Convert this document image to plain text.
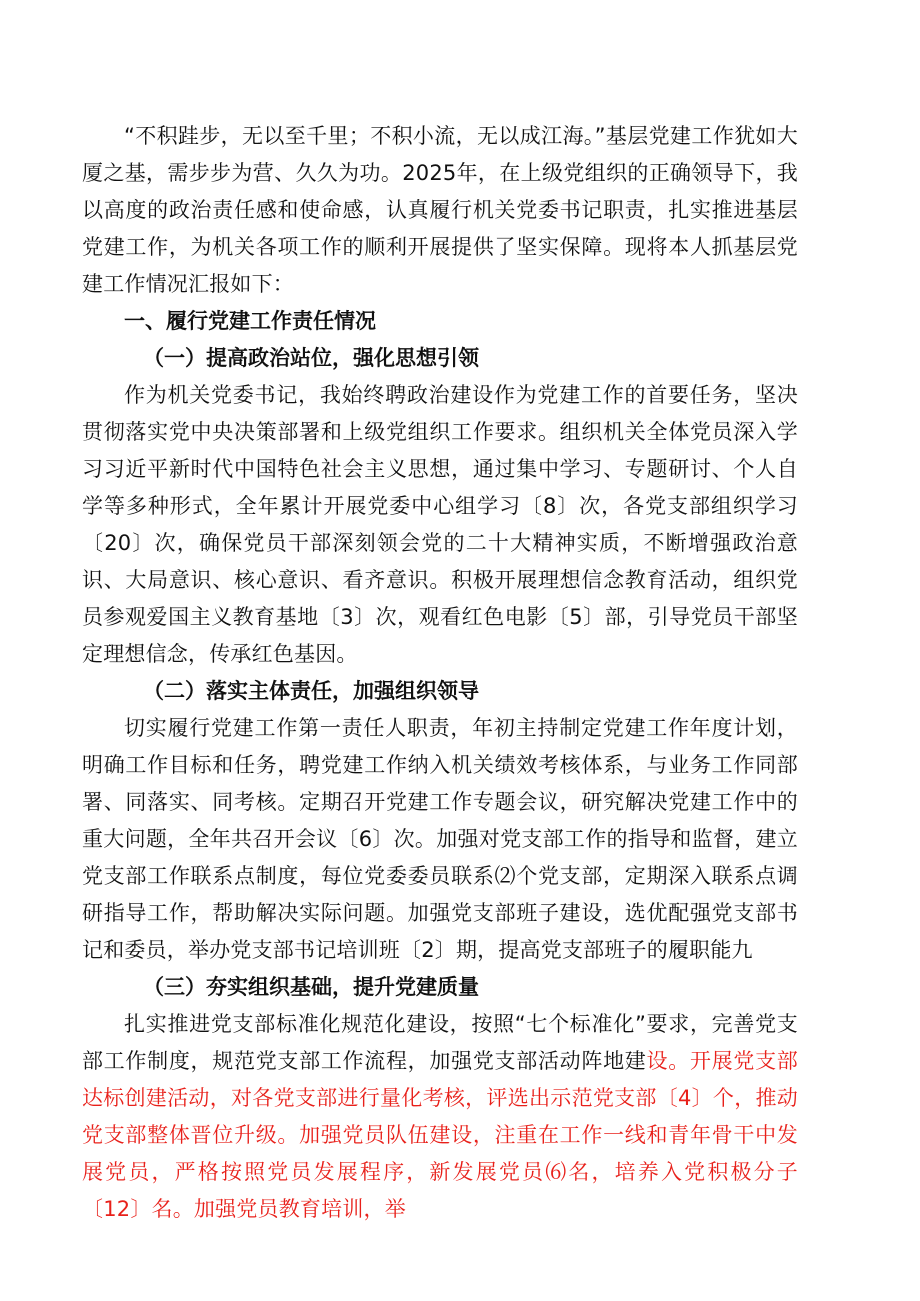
“不积跬步，无以至千里；不积小流，无以成江海。”基层党建工作犹如大厦之基，需步步为营、久久为功。2025年，在上级党组织的正确领导下，我以高度的政治责任感和使命感，认真履行机关党委书记职责，扎实推进基层党建工作，为机关各项工作的顺利开展提供了坚实保障。现将本人抓基层党建工作情况汇报如下：

一、履行党建工作责任情况

（一）提高政治站位，强化思想引领

作为机关党委书记，我始终聘政治建设作为党建工作的首要任务，坚决贯彻落实党中央决策部署和上级党组织工作要求。组织机关全体党员深入学习习近平新时代中国特色社会主义思想，通过集中学习、专题研讨、个人自学等多种形式，全年累计开展党委中心组学习〔8〕次，各党支部组织学习〔20〕次，确保党员干部深刻领会党的二十大精神实质，不断增强政治意识、大局意识、核心意识、看齐意识。积极开展理想信念教育活动，组织党员参观爱国主义教育基地〔3〕次，观看红色电影〔5〕部，引导党员干部坚定理想信念，传承红色基因。

（二）落实主体责任，加强组织领导

切实履行党建工作第一责任人职责，年初主持制定党建工作年度计划，明确工作目标和任务，聘党建工作纳入机关绩效考核体系，与业务工作同部署、同落实、同考核。定期召开党建工作专题会议，研究解决党建工作中的重大问题，全年共召开会议〔6〕次。加强对党支部工作的指导和监督，建立党支部工作联系点制度，每位党委委员联系⑵个党支部，定期深入联系点调研指导工作，帮助解决实际问题。加强党支部班子建设，选优配强党支部书记和委员，举办党支部书记培训班〔2〕期，提高党支部班子的履职能九

（三）夯实组织基础，提升党建质量

扎实推进党支部标准化规范化建设，按照“七个标准化”要求，完善党支部工作制度，规范党支部工作流程，加强党支部活动阵地建设。开展党支部达标创建活动，对各党支部进行量化考核，评选出示范党支部〔4〕个，推动党支部整体晋位升级。加强党员队伍建设，注重在工作一线和青年骨干中发展党员，严格按照党员发展程序，新发展党员⑹名，培养入党积极分子〔12〕名。加强党员教育培训，举
